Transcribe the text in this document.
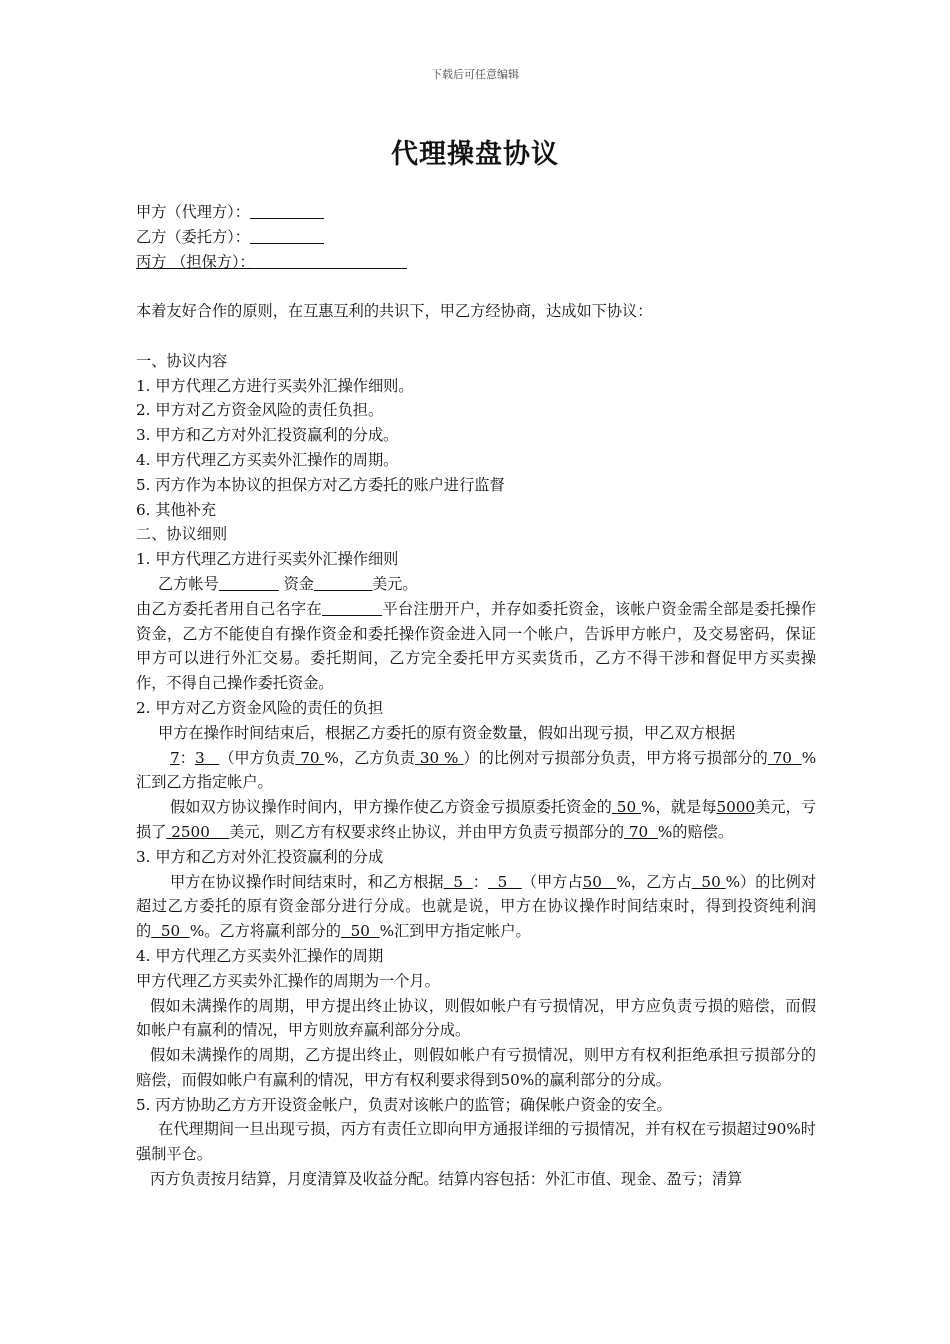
下载后可任意编辑
代理操盘协议

甲方（代理方）：

乙方（委托方）：

丙方 （担保方）：

本着友好合作的原则，在互惠互利的共识下，甲乙方经协商，达成如下协议：

一、协议内容

1. 甲方代理乙方进行买卖外汇操作细则。

2. 甲方对乙方资金风险的责任负担。

3. 甲方和乙方对外汇投资赢利的分成。

4. 甲方代理乙方买卖外汇操作的周期。

5. 丙方作为本协议的担保方对乙方委托的账户进行监督

6. 其他补充

二、协议细则

1. 甲方代理乙方进行买卖外汇操作细则

乙方帐号	资金	美元。

由乙方委托者用自己名字在	平台注册开户，并存如委托资金，该帐户资金需全部是委托操作资金，乙方不能使自有操作资金和委托操作资金进入同一个帐户，告诉甲方帐户，及交易密码，保证甲方可以进行外汇交易。委托期间，乙方完全委托甲方买卖货币，乙方不得干涉和督促甲方买卖操作，不得自己操作委托资金。

2. 甲方对乙方资金风险的责任的负担

甲方在操作时间结束后，根据乙方委托的原有资金数量，假如出现亏损，甲乙双方根据

7：3 （甲方负责 70 %，乙方负责 30 % ）的比例对亏损部分负责，甲方将亏损部分的 70 %汇到乙方指定帐户。

假如双方协议操作时间内，甲方操作使乙方资金亏损原委托资金的 50 %，就是每5000美元，亏损了 2500 美元，则乙方有权要求终止协议，并由甲方负责亏损部分的 70 %的赔偿。

3. 甲方和乙方对外汇投资赢利的分成

甲方在协议操作时间结束时，和乙方根据 5 ： 5 （甲方占50 %，乙方占 50 %）的比例对超过乙方委托的原有资金部分进行分成。也就是说，甲方在协议操作时间结束时，得到投资纯利润的 50 %。乙方将赢利部分的 50 %汇到甲方指定帐户。

4. 甲方代理乙方买卖外汇操作的周期

甲方代理乙方买卖外汇操作的周期为一个月。

假如未满操作的周期，甲方提出终止协议，则假如帐户有亏损情况，甲方应负责亏损的赔偿，而假如帐户有赢利的情况，甲方则放弃赢利部分分成。

假如未满操作的周期，乙方提出终止，则假如帐户有亏损情况，则甲方有权利拒绝承担亏损部分的赔偿，而假如帐户有赢利的情况，甲方有权利要求得到50%的赢利部分的分成。

5. 丙方协助乙方方开设资金帐户，负责对该帐户的监管；确保帐户资金的安全。

在代理期间一旦出现亏损，丙方有责任立即向甲方通报详细的亏损情况，并有权在亏损超过90%时强制平仓。

丙方负责按月结算，月度清算及收益分配。结算内容包括：外汇市值、现金、盈亏；清算
